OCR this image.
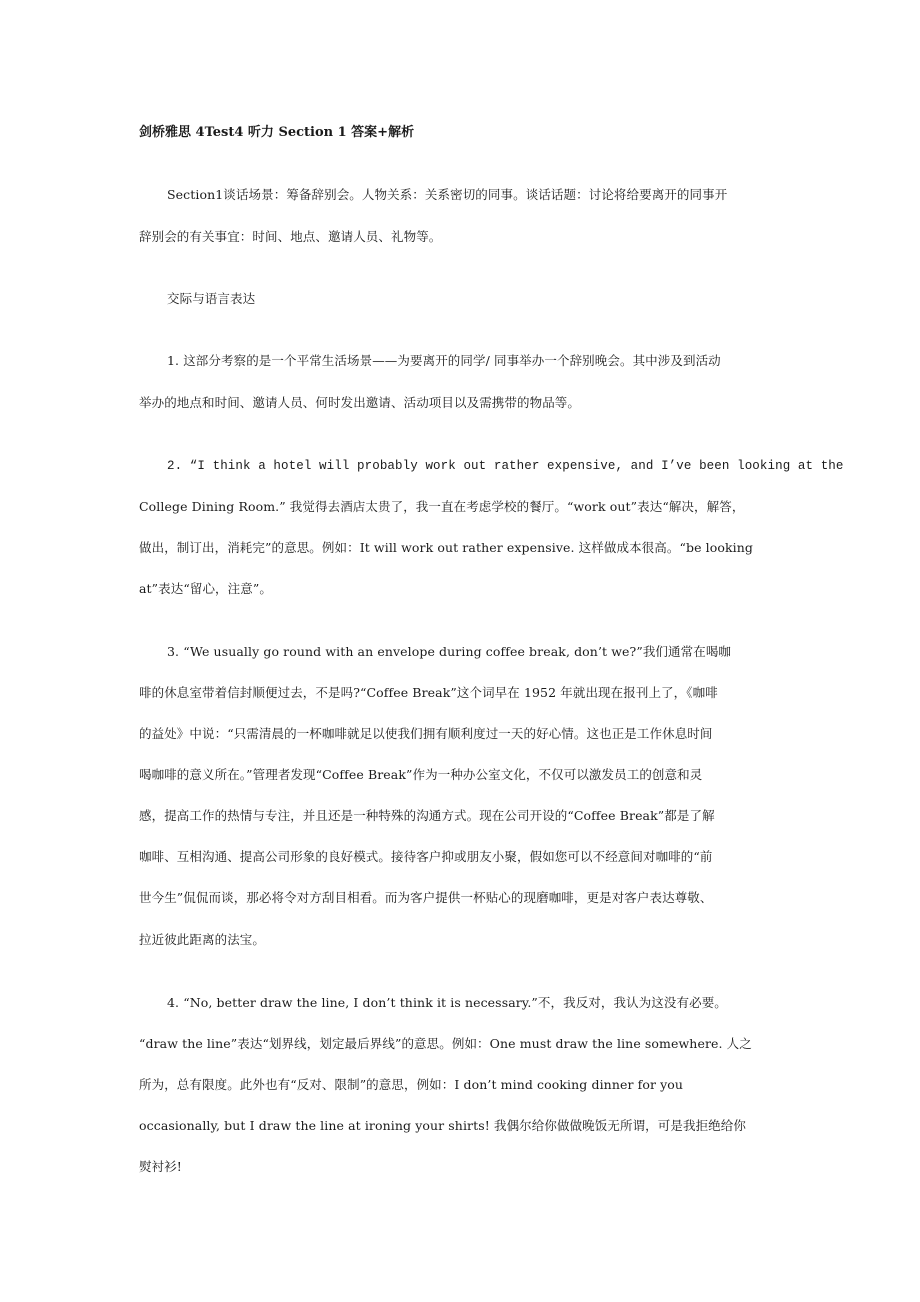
剑桥雅思 4Test4 听力 Section 1 答案+解析
Section1谈话场景：筹备辞别会。人物关系：关系密切的同事。谈话话题：讨论将给要离开的同事开
辞别会的有关事宜：时间、地点、邀请人员、礼物等。
交际与语言表达
1. 这部分考察的是一个平常生活场景——为要离开的同学/ 同事举办一个辞别晚会。其中涉及到活动
举办的地点和时间、邀请人员、何时发出邀请、活动项目以及需携带的物品等。
2. “I think a hotel will probably work out rather expensive, and I’ve been looking at the
College Dining Room.” 我觉得去酒店太贵了，我一直在考虑学校的餐厅。“work out”表达“解决，解答，
做出，制订出，消耗完”的意思。例如：It will work out rather expensive. 这样做成本很高。“be looking
at”表达“留心，注意”。
3. “We usually go round with an envelope during coffee break, don’t we?”我们通常在喝咖
啡的休息室带着信封顺便过去，不是吗?“Coffee Break”这个词早在 1952 年就出现在报刊上了，《咖啡
的益处》中说：“只需清晨的一杯咖啡就足以使我们拥有顺利度过一天的好心情。这也正是工作休息时间
喝咖啡的意义所在。”管理者发现“Coffee Break”作为一种办公室文化，不仅可以激发员工的创意和灵
感，提高工作的热情与专注，并且还是一种特殊的沟通方式。现在公司开设的“Coffee Break”都是了解
咖啡、互相沟通、提高公司形象的良好模式。接待客户抑或朋友小聚，假如您可以不经意间对咖啡的“前
世今生”侃侃而谈，那必将令对方刮目相看。而为客户提供一杯贴心的现磨咖啡，更是对客户表达尊敬、
拉近彼此距离的法宝。
4. “No, better draw the line, I don’t think it is necessary.”不，我反对，我认为这没有必要。
“draw the line”表达“划界线，划定最后界线”的意思。例如：One must draw the line somewhere. 人之
所为，总有限度。此外也有“反对、限制”的意思，例如：I don’t mind cooking dinner for you
occasionally, but I draw the line at ironing your shirts! 我偶尔给你做做晚饭无所谓，可是我拒绝给你
熨衬衫!
